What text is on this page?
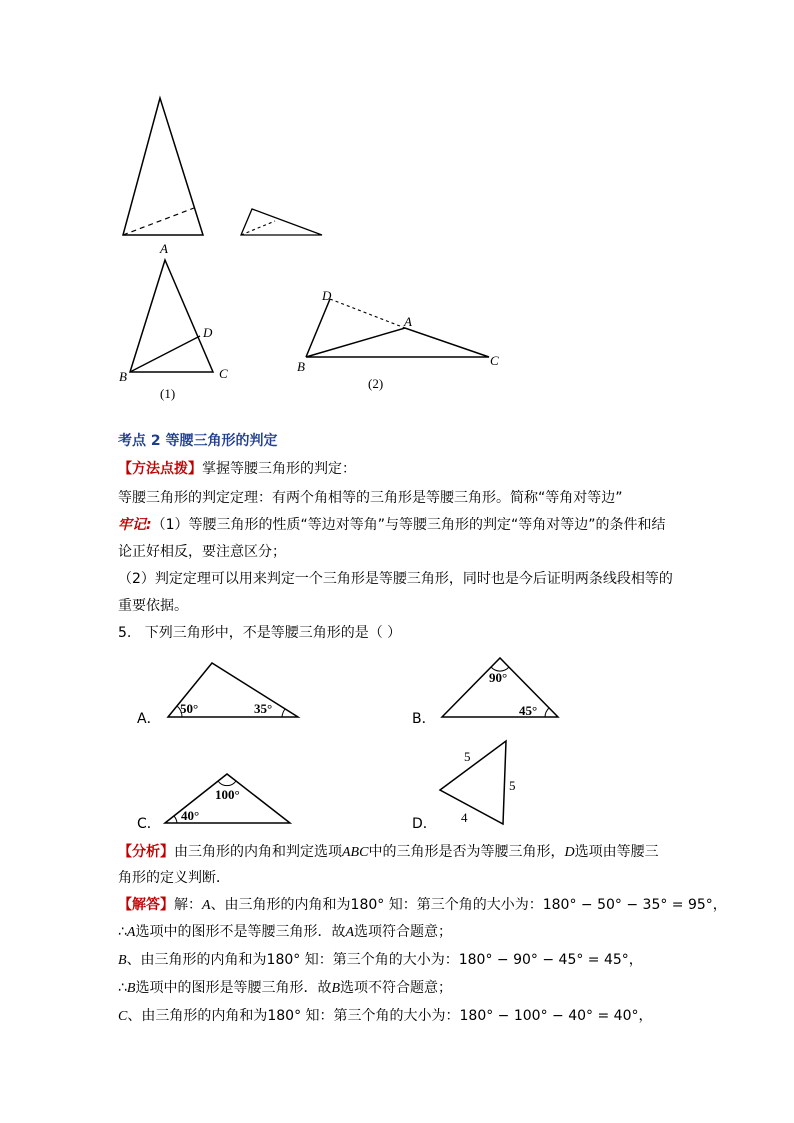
A
B	C
D
(1)
D
A
B	C
(2)
考点 2 等腰三角形的判定
【方法点拨】掌握等腰三角形的判定：
等腰三角形的判定定理：有两个角相等的三角形是等腰三角形。简称“等角对等边”
牢记:（1）等腰三角形的性质“等边对等角”与等腰三角形的判定“等角对等边”的条件和结
论正好相反，要注意区分；
（2）判定定理可以用来判定一个三角形是等腰三角形，同时也是今后证明两条线段相等的
重要依据。
5. 下列三角形中，不是等腰三角形的是（ ）
A．
50°	35°
B．
90°
45°
C．
100°
40°
D．
5
5
4
【分析】由三角形的内角和判定选项ABC中的三角形是否为等腰三角形，D选项由等腰三
角形的定义判断．
【解答】解：A、由三角形的内角和为180° 知：第三个角的大小为：180° − 50° − 35° = 95°，
∴A选项中的图形不是等腰三角形．故A选项符合题意；
B、由三角形的内角和为180° 知：第三个角的大小为：180° − 90° − 45° = 45°，
∴B选项中的图形是等腰三角形．故B选项不符合题意；
C、由三角形的内角和为180° 知：第三个角的大小为：180° − 100° − 40° = 40°，
